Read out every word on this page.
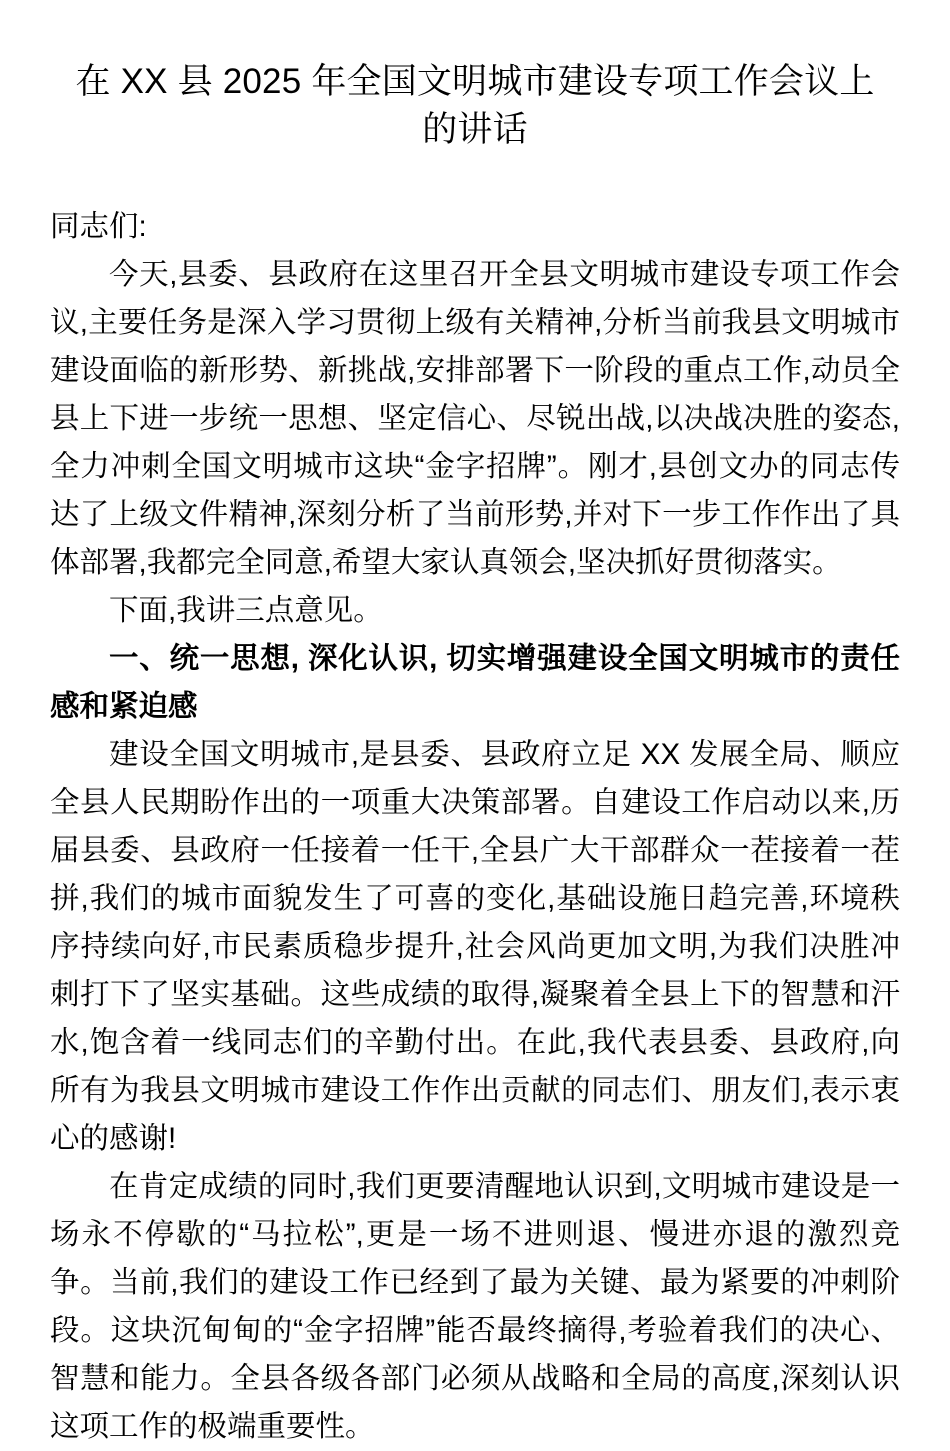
在 XX 县 2025 年全国文明城市建设专项工作会议上的讲话

同志们:

今天,县委、县政府在这里召开全县文明城市建设专项工作会议,主要任务是深入学习贯彻上级有关精神,分析当前我县文明城市建设面临的新形势、新挑战,安排部署下一阶段的重点工作,动员全县上下进一步统一思想、坚定信心、尽锐出战,以决战决胜的姿态,全力冲刺全国文明城市这块“金字招牌”。刚才,县创文办的同志传达了上级文件精神,深刻分析了当前形势,并对下一步工作作出了具体部署,我都完全同意,希望大家认真领会,坚决抓好贯彻落实。

下面,我讲三点意见。

一、统一思想, 深化认识, 切实增强建设全国文明城市的责任感和紧迫感

建设全国文明城市,是县委、县政府立足 XX 发展全局、顺应全县人民期盼作出的一项重大决策部署。自建设工作启动以来,历届县委、县政府一任接着一任干,全县广大干部群众一茬接着一茬拼,我们的城市面貌发生了可喜的变化,基础设施日趋完善,环境秩序持续向好,市民素质稳步提升,社会风尚更加文明,为我们决胜冲刺打下了坚实基础。这些成绩的取得,凝聚着全县上下的智慧和汗水,饱含着一线同志们的辛勤付出。在此,我代表县委、县政府,向所有为我县文明城市建设工作作出贡献的同志们、朋友们,表示衷心的感谢!

在肯定成绩的同时,我们更要清醒地认识到,文明城市建设是一场永不停歇的“马拉松”,更是一场不进则退、慢进亦退的激烈竞争。当前,我们的建设工作已经到了最为关键、最为紧要的冲刺阶段。这块沉甸甸的“金字招牌”能否最终摘得,考验着我们的决心、智慧和能力。全县各级各部门必须从战略和全局的高度,深刻认识这项工作的极端重要性。
